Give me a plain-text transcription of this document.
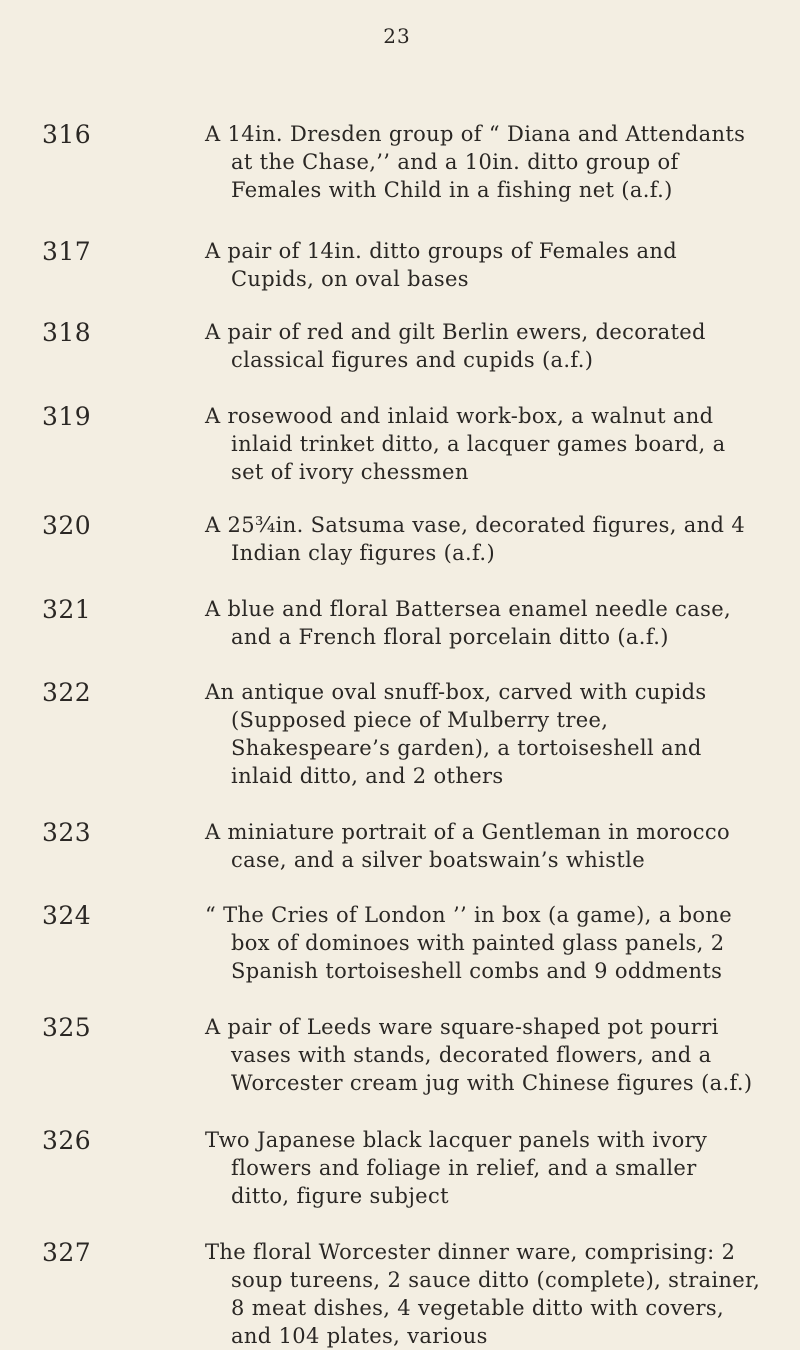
23
316	A 14in. Dresden group of “ Diana and Attendants at the Chase,’’ and a 10in. ditto group of Females with Child in a fishing net (a.f.)
317	A pair of 14in. ditto groups of Females and Cupids, on oval bases
318	A pair of red and gilt Berlin ewers, decorated classical figures and cupids (a.f.)
319	A rosewood and inlaid work-box, a walnut and inlaid trinket ditto, a lacquer games board, a set of ivory chessmen
320	A 25¾in. Satsuma vase, decorated figures, and 4 Indian clay figures (a.f.)
321	A blue and floral Battersea enamel needle case, and a French floral porcelain ditto (a.f.)
322	An antique oval snuff-box, carved with cupids (Supposed piece of Mulberry tree, Shakespeare’s garden), a tortoiseshell and inlaid ditto, and 2 others
323	A miniature portrait of a Gentleman in morocco case, and a silver boatswain’s whistle
324	“ The Cries of London ’’ in box (a game), a bone box of dominoes with painted glass panels, 2 Spanish tortoiseshell combs and 9 oddments
325	A pair of Leeds ware square-shaped pot pourri vases with stands, decorated flowers, and a Worcester cream jug with Chinese figures (a.f.)
326	Two Japanese black lacquer panels with ivory flowers and foliage in relief, and a smaller ditto, figure subject
327	The floral Worcester dinner ware, comprising: 2 soup tureens, 2 sauce ditto (complete), strainer, 8 meat dishes, 4 vegetable ditto with covers, and 104 plates, various
